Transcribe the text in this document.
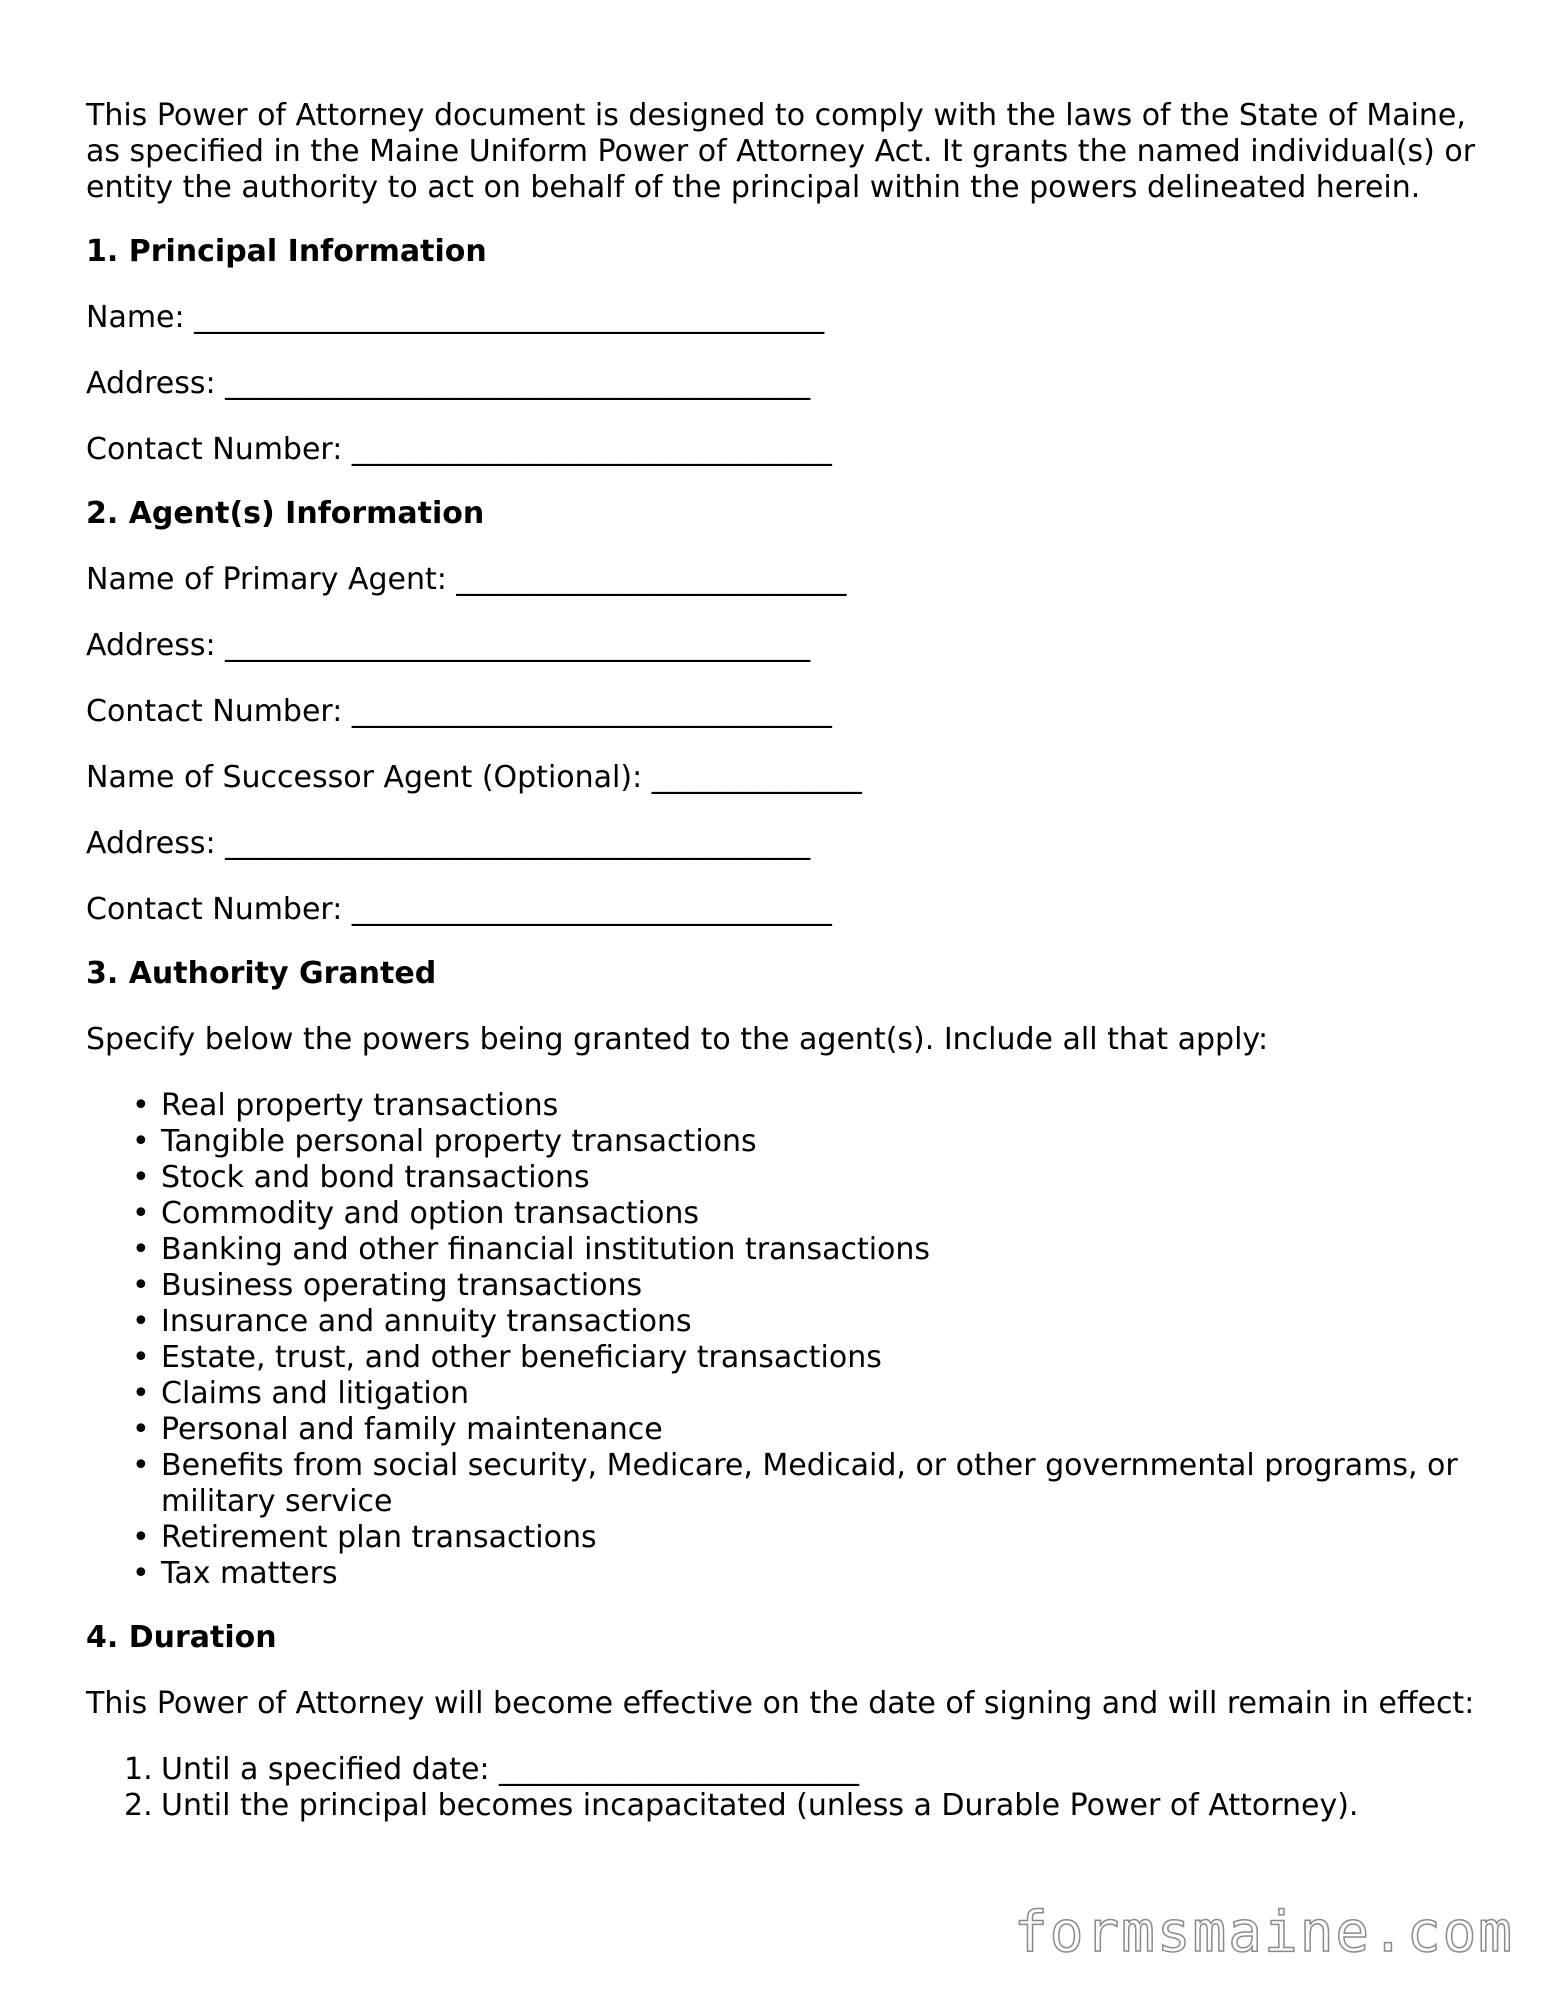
This Power of Attorney document is designed to comply with the laws of the State of Maine, as specified in the Maine Uniform Power of Attorney Act. It grants the named individual(s) or entity the authority to act on behalf of the principal within the powers delineated herein.

1. Principal Information
Name: __________________________________________
Address: _______________________________________
Contact Number: ________________________________
2. Agent(s) Information
Name of Primary Agent: __________________________
Address: _______________________________________
Contact Number: ________________________________
Name of Successor Agent (Optional): ______________
Address: _______________________________________
Contact Number: ________________________________
3. Authority Granted

Specify below the powers being granted to the agent(s). Include all that apply:

• Real property transactions
• Tangible personal property transactions
• Stock and bond transactions
• Commodity and option transactions
• Banking and other financial institution transactions
• Business operating transactions
• Insurance and annuity transactions
• Estate, trust, and other beneficiary transactions
• Claims and litigation
• Personal and family maintenance
• Benefits from social security, Medicare, Medicaid, or other governmental programs, or military service
• Retirement plan transactions
• Tax matters
4. Duration

This Power of Attorney will become effective on the date of signing and will remain in effect:

1. Until a specified date: ________________________
2. Until the principal becomes incapacitated (unless a Durable Power of Attorney).
formsmaine.com
